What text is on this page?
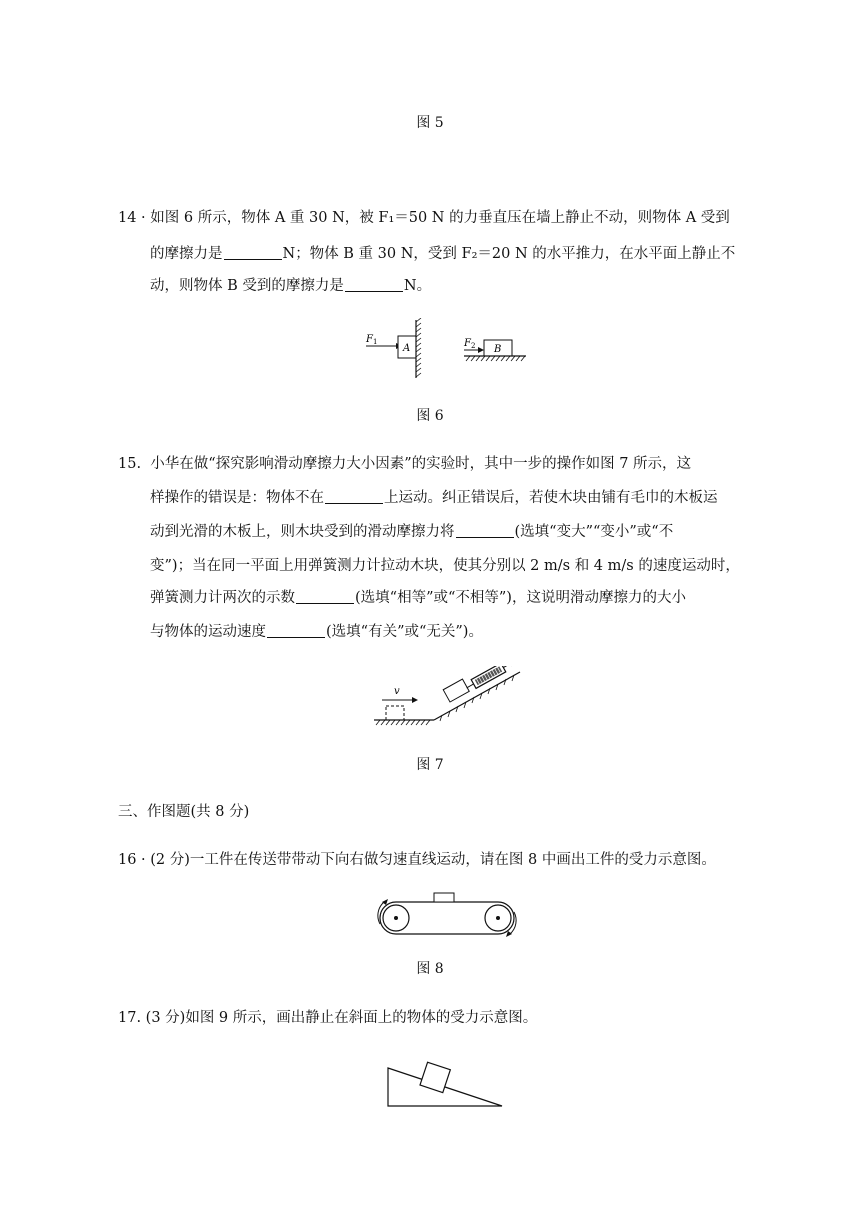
图 5
14 · 如图 6 所示，物体 A 重 30 N，被 F₁＝50 N 的力垂直压在墙上静止不动，则物体 A 受到
的摩擦力是	N；物体 B 重 30 N，受到 F₂＝20 N 的水平推力，在水平面上静止不
动，则物体 B 受到的摩擦力是	N。
F 1
A	F 2 B
图 6
15. 小华在做“探究影响滑动摩擦力大小因素”的实验时，其中一步的操作如图 7 所示，这
样操作的错误是：物体不在	上运动。纠正错误后，若使木块由铺有毛巾的木板运
动到光滑的木板上，则木块受到的滑动摩擦力将	(选填“变大”“变小”或“不
变”)；当在同一平面上用弹簧测力计拉动木块，使其分别以 2 m/s 和 4 m/s 的速度运动时，
弹簧测力计两次的示数	(选填“相等”或“不相等”)，这说明滑动摩擦力的大小
与物体的运动速度	(选填“有关”或“无关”)。
v
图 7
三、作图题(共 8 分)
16 · (2 分)一工件在传送带带动下向右做匀速直线运动，请在图 8 中画出工件的受力示意图。
图 8
17. (3 分)如图 9 所示，画出静止在斜面上的物体的受力示意图。
